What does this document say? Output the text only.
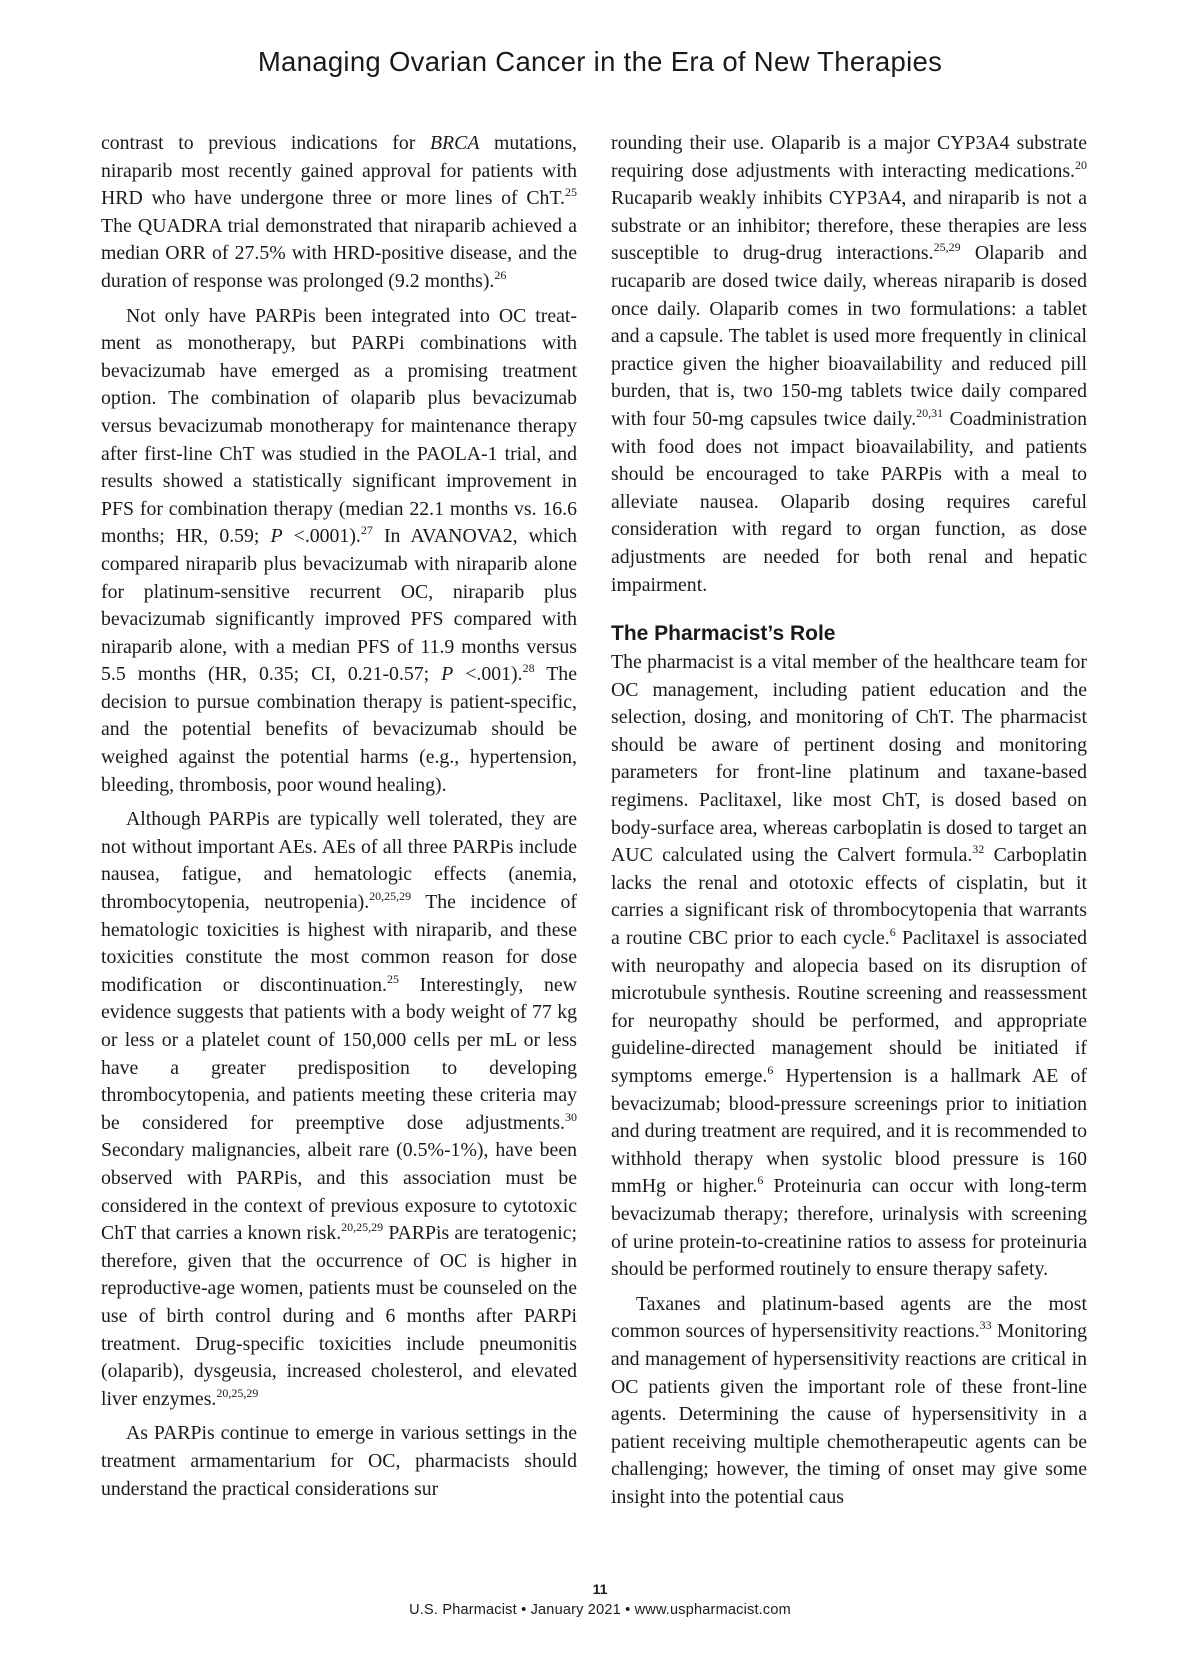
Managing Ovarian Cancer in the Era of New Therapies

contrast to previous indications for BRCA mutations, niraparib most recently gained approval for patients with HRD who have undergone three or more lines of ChT.$^{25}$ The QUADRA trial demonstrated that niraparib achieved a median ORR of 27.5% with HRD-positive disease, and the duration of response was prolonged (9.2 months).$^{26}$

Not only have PARPis been integrated into OC treatment as monotherapy, but PARPi combinations with bevacizumab have emerged as a promising treatment option. The combination of olaparib plus bevacizumab versus bevacizumab monotherapy for maintenance therapy after first-line ChT was studied in the PAOLA-1 trial, and results showed a statistically significant improvement in PFS for combination therapy (median 22.1 months vs. 16.6 months; HR, 0.59; P <.0001).$^{27}$ In AVANOVA2, which compared niraparib plus bevacizumab with niraparib alone for platinum-sensitive recurrent OC, niraparib plus bevacizumab significantly improved PFS compared with niraparib alone, with a median PFS of 11.9 months versus 5.5 months (HR, 0.35; CI, 0.21-0.57; P <.001).$^{28}$ The decision to pursue combination therapy is patient-specific, and the potential benefits of bevacizumab should be weighed against the potential harms (e.g., hypertension, bleeding, thrombosis, poor wound healing).

Although PARPis are typically well tolerated, they are not without important AEs. AEs of all three PARPis include nausea, fatigue, and hematologic effects (anemia, thrombocytopenia, neutropenia).$^{20,25,29}$ The incidence of hematologic toxicities is highest with niraparib, and these toxicities constitute the most common reason for dose modification or discontinuation.$^{25}$ Interestingly, new evidence suggests that patients with a body weight of 77 kg or less or a platelet count of 150,000 cells per mL or less have a greater predisposition to developing thrombocytopenia, and patients meeting these criteria may be considered for preemptive dose adjustments.$^{30}$ Secondary malignancies, albeit rare (0.5%-1%), have been observed with PARPis, and this association must be considered in the context of previous exposure to cytotoxic ChT that carries a known risk.$^{20,25,29}$ PARPis are teratogenic; therefore, given that the occurrence of OC is higher in reproductive-age women, patients must be counseled on the use of birth control during and 6 months after PARPi treatment. Drug-specific toxicities include pneumonitis (olaparib), dysgeusia, increased cholesterol, and elevated liver enzymes.$^{20,25,29}$

As PARPis continue to emerge in various settings in the treatment armamentarium for OC, pharmacists should understand the practical considerations sur

rounding their use. Olaparib is a major CYP3A4 substrate requiring dose adjustments with interacting medications.$^{20}$ Rucaparib weakly inhibits CYP3A4, and niraparib is not a substrate or an inhibitor; therefore, these therapies are less susceptible to drug-drug interactions.$^{25,29}$ Olaparib and rucaparib are dosed twice daily, whereas niraparib is dosed once daily. Olaparib comes in two formulations: a tablet and a capsule. The tablet is used more frequently in clinical practice given the higher bioavailability and reduced pill burden, that is, two 150-mg tablets twice daily compared with four 50-mg capsules twice daily.$^{20,31}$ Coadministration with food does not impact bioavailability, and patients should be encouraged to take PARPis with a meal to alleviate nausea. Olaparib dosing requires careful consideration with regard to organ function, as dose adjustments are needed for both renal and hepatic impairment.

The Pharmacist’s Role

The pharmacist is a vital member of the healthcare team for OC management, including patient education and the selection, dosing, and monitoring of ChT. The pharmacist should be aware of pertinent dosing and monitoring parameters for front-line platinum and taxane-based regimens. Paclitaxel, like most ChT, is dosed based on body-surface area, whereas carboplatin is dosed to target an AUC calculated using the Calvert formula.$^{32}$ Carboplatin lacks the renal and ototoxic effects of cisplatin, but it carries a significant risk of thrombocytopenia that warrants a routine CBC prior to each cycle.$^6$ Paclitaxel is associated with neuropathy and alopecia based on its disruption of microtubule synthesis. Routine screening and reassessment for neuropathy should be performed, and appropriate guideline-directed management should be initiated if symptoms emerge.$^6$ Hypertension is a hallmark AE of bevacizumab; blood-pressure screenings prior to initiation and during treatment are required, and it is recommended to withhold therapy when systolic blood pressure is 160 mmHg or higher.$^6$ Proteinuria can occur with long-term bevacizumab therapy; therefore, urinalysis with screening of urine protein-to-creatinine ratios to assess for proteinuria should be performed routinely to ensure therapy safety.

Taxanes and platinum-based agents are the most common sources of hypersensitivity reactions.$^{33}$ Monitoring and management of hypersensitivity reactions are critical in OC patients given the important role of these front-line agents. Determining the cause of hypersensitivity in a patient receiving multiple chemotherapeutic agents can be challenging; however, the timing of onset may give some insight into the potential caus

11
U.S. Pharmacist • January 2021 • www.uspharmacist.com
